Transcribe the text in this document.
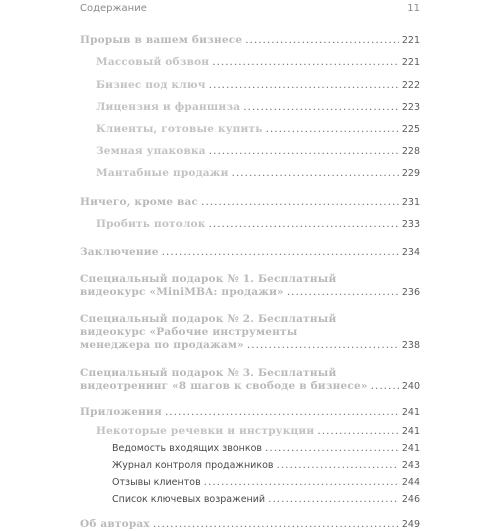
Содержание	11
Прорыв в вашем бизнесе .....	221
Массовый обзвон .....	221
Бизнес под ключ .....	222
Лицензия и франшиза .....	223
Клиенты, готовые купить .....	225
Земная упаковка .....	228
Мантабные продажи .....	229
Ничего, кроме вас .....	231
Пробить потолок .....	233
Заключение .....	234
Специальный подарок № 1. Бесплатный
видеокурс «MiniMBA: продажи» .....	236
Специальный подарок № 2. Бесплатный
видеокурс «Рабочие инструменты
менеджера по продажам» .....	238
Специальный подарок № 3. Бесплатный
видеотренинг «8 шагов к свободе в бизнесе» .....	240
Приложения .....	241
Некоторые речевки и инструкции .....	241
Ведомость входящих звонков .....	241
Журнал контроля продажников .....	243
Отзывы клиентов .....	244
Список ключевых возражений .....	246
Об авторах .....	249
